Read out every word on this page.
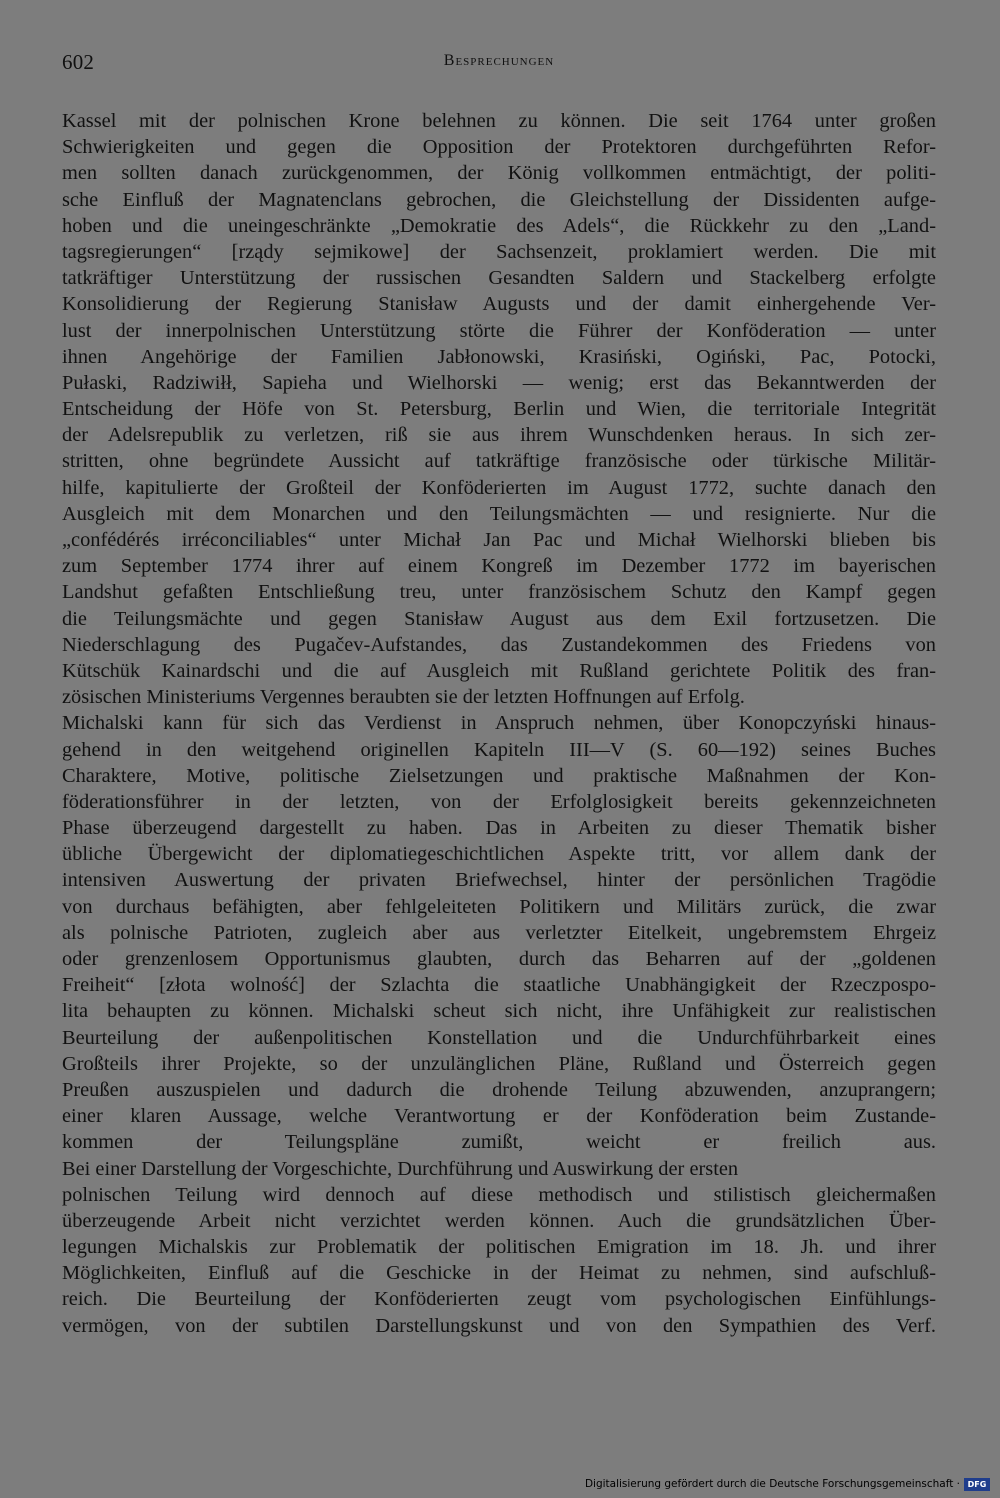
602	Besprechungen
Kassel mit der polnischen Krone belehnen zu können. Die seit 1764 unter großen
Schwierigkeiten und gegen die Opposition der Protektoren durchgeführten Refor-
men sollten danach zurückgenommen, der König vollkommen entmächtigt, der politi-
sche Einfluß der Magnatenclans gebrochen, die Gleichstellung der Dissidenten aufge-
hoben und die uneingeschränkte „Demokratie des Adels“, die Rückkehr zu den „Land-
tagsregierungen“ [rządy sejmikowe] der Sachsenzeit, proklamiert werden. Die mit
tatkräftiger Unterstützung der russischen Gesandten Saldern und Stackelberg erfolgte
Konsolidierung der Regierung Stanisław Augusts und der damit einhergehende Ver-
lust der innerpolnischen Unterstützung störte die Führer der Konföderation — unter
ihnen Angehörige der Familien Jabłonowski, Krasiński, Ogiński, Pac, Potocki,
Pułaski, Radziwiłł, Sapieha und Wielhorski — wenig; erst das Bekanntwerden der
Entscheidung der Höfe von St. Petersburg, Berlin und Wien, die territoriale Integrität
der Adelsrepublik zu verletzen, riß sie aus ihrem Wunschdenken heraus. In sich zer-
stritten, ohne begründete Aussicht auf tatkräftige französische oder türkische Militär-
hilfe, kapitulierte der Großteil der Konföderierten im August 1772, suchte danach den
Ausgleich mit dem Monarchen und den Teilungsmächten — und resignierte. Nur die
„confédérés irréconciliables“ unter Michał Jan Pac und Michał Wielhorski blieben bis
zum September 1774 ihrer auf einem Kongreß im Dezember 1772 im bayerischen
Landshut gefaßten Entschließung treu, unter französischem Schutz den Kampf gegen
die Teilungsmächte und gegen Stanisław August aus dem Exil fortzusetzen. Die
Niederschlagung des Pugačev-Aufstandes, das Zustandekommen des Friedens von
Kütschük Kainardschi und die auf Ausgleich mit Rußland gerichtete Politik des fran-
zösischen Ministeriums Vergennes beraubten sie der letzten Hoffnungen auf Erfolg.
Michalski kann für sich das Verdienst in Anspruch nehmen, über Konopczyński hinaus-
gehend in den weitgehend originellen Kapiteln III—V (S. 60—192) seines Buches
Charaktere, Motive, politische Zielsetzungen und praktische Maßnahmen der Kon-
föderationsführer in der letzten, von der Erfolglosigkeit bereits gekennzeichneten
Phase überzeugend dargestellt zu haben. Das in Arbeiten zu dieser Thematik bisher
übliche Übergewicht der diplomatiegeschichtlichen Aspekte tritt, vor allem dank der
intensiven Auswertung der privaten Briefwechsel, hinter der persönlichen Tragödie
von durchaus befähigten, aber fehlgeleiteten Politikern und Militärs zurück, die zwar
als polnische Patrioten, zugleich aber aus verletzter Eitelkeit, ungebremstem Ehrgeiz
oder grenzenlosem Opportunismus glaubten, durch das Beharren auf der „goldenen
Freiheit“ [złota wolność] der Szlachta die staatliche Unabhängigkeit der Rzeczpospo-
lita behaupten zu können. Michalski scheut sich nicht, ihre Unfähigkeit zur realistischen
Beurteilung der außenpolitischen Konstellation und die Undurchführbarkeit eines
Großteils ihrer Projekte, so der unzulänglichen Pläne, Rußland und Österreich gegen
Preußen auszuspielen und dadurch die drohende Teilung abzuwenden, anzuprangern;
einer klaren Aussage, welche Verantwortung er der Konföderation beim Zustande-
kommen der Teilungspläne zumißt, weicht er freilich aus.
Bei einer Darstellung der Vorgeschichte, Durchführung und Auswirkung der ersten
polnischen Teilung wird dennoch auf diese methodisch und stilistisch gleichermaßen
überzeugende Arbeit nicht verzichtet werden können. Auch die grundsätzlichen Über-
legungen Michalskis zur Problematik der politischen Emigration im 18. Jh. und ihrer
Möglichkeiten, Einfluß auf die Geschicke in der Heimat zu nehmen, sind aufschluß-
reich. Die Beurteilung der Konföderierten zeugt vom psychologischen Einfühlungs-
vermögen, von der subtilen Darstellungskunst und von den Sympathien des Verf.
Digitalisierung gefördert durch die Deutsche Forschungsgemeinschaft · DFG
